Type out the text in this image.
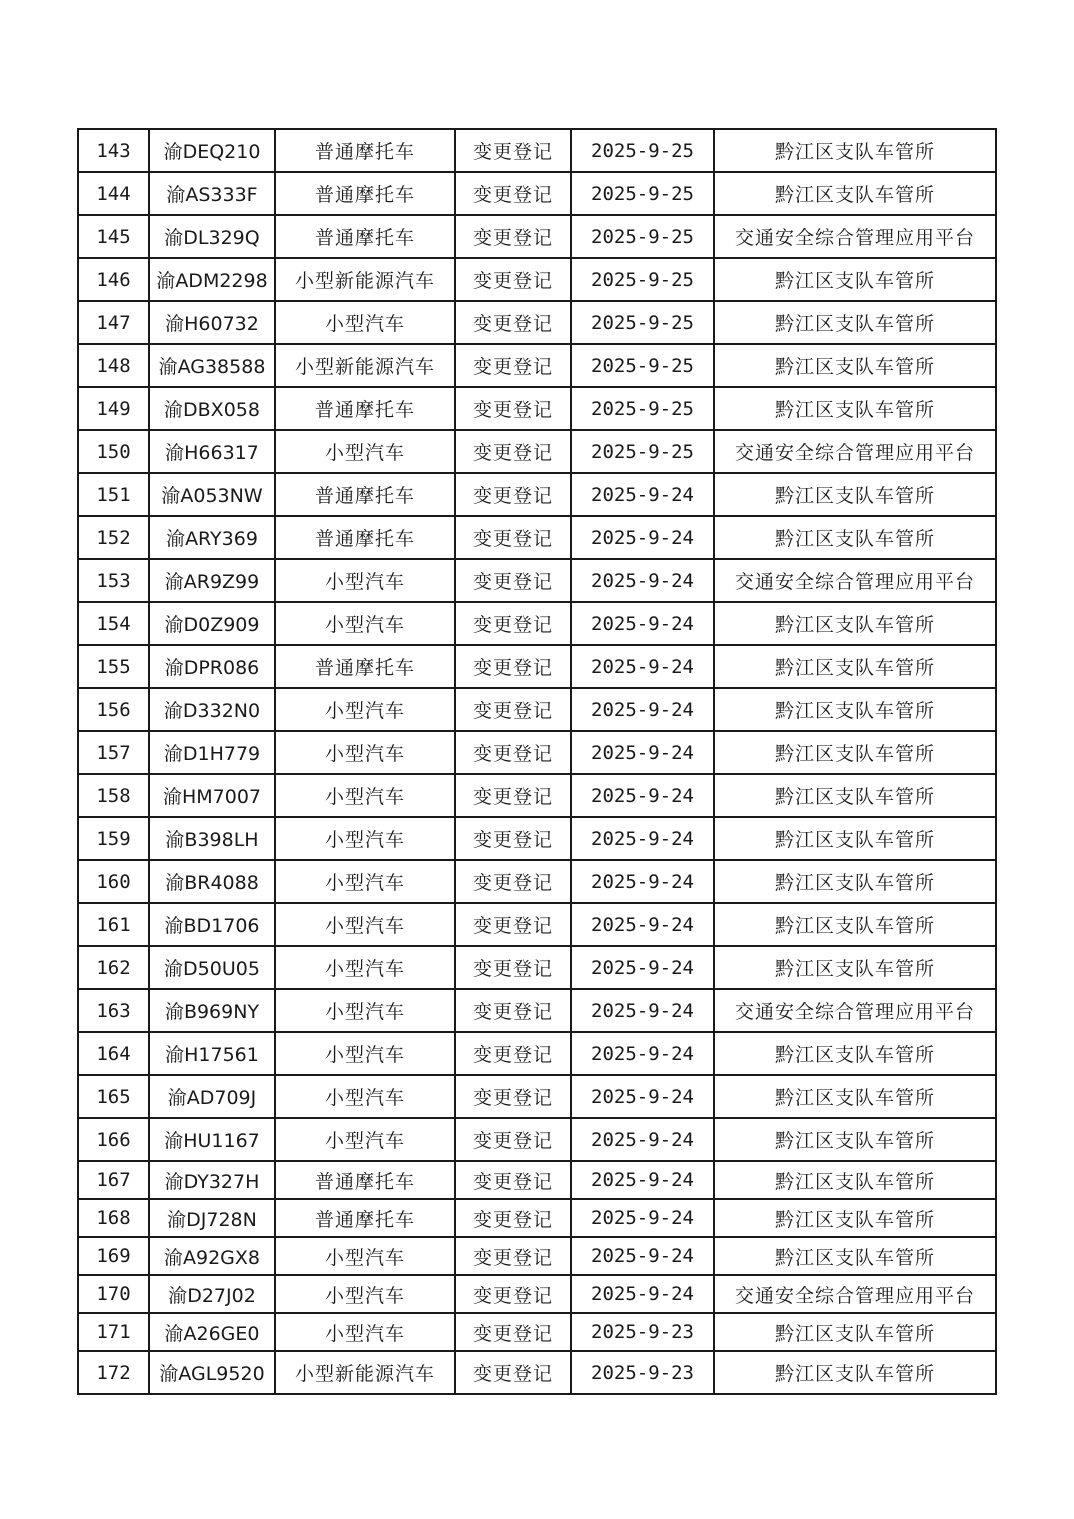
143	渝DEQ210	普通摩托车	变更登记	2025-9-25	黔江区支队车管所
144	渝AS333F	普通摩托车	变更登记	2025-9-25	黔江区支队车管所
145	渝DL329Q	普通摩托车	变更登记	2025-9-25	交通安全综合管理应用平台
146	渝ADM2298	小型新能源汽车	变更登记	2025-9-25	黔江区支队车管所
147	渝H60732	小型汽车	变更登记	2025-9-25	黔江区支队车管所
148	渝AG38588	小型新能源汽车	变更登记	2025-9-25	黔江区支队车管所
149	渝DBX058	普通摩托车	变更登记	2025-9-25	黔江区支队车管所
150	渝H66317	小型汽车	变更登记	2025-9-25	交通安全综合管理应用平台
151	渝A053NW	普通摩托车	变更登记	2025-9-24	黔江区支队车管所
152	渝ARY369	普通摩托车	变更登记	2025-9-24	黔江区支队车管所
153	渝AR9Z99	小型汽车	变更登记	2025-9-24	交通安全综合管理应用平台
154	渝D0Z909	小型汽车	变更登记	2025-9-24	黔江区支队车管所
155	渝DPR086	普通摩托车	变更登记	2025-9-24	黔江区支队车管所
156	渝D332N0	小型汽车	变更登记	2025-9-24	黔江区支队车管所
157	渝D1H779	小型汽车	变更登记	2025-9-24	黔江区支队车管所
158	渝HM7007	小型汽车	变更登记	2025-9-24	黔江区支队车管所
159	渝B398LH	小型汽车	变更登记	2025-9-24	黔江区支队车管所
160	渝BR4088	小型汽车	变更登记	2025-9-24	黔江区支队车管所
161	渝BD1706	小型汽车	变更登记	2025-9-24	黔江区支队车管所
162	渝D50U05	小型汽车	变更登记	2025-9-24	黔江区支队车管所
163	渝B969NY	小型汽车	变更登记	2025-9-24	交通安全综合管理应用平台
164	渝H17561	小型汽车	变更登记	2025-9-24	黔江区支队车管所
165	渝AD709J	小型汽车	变更登记	2025-9-24	黔江区支队车管所
166	渝HU1167	小型汽车	变更登记	2025-9-24	黔江区支队车管所
167	渝DY327H	普通摩托车	变更登记	2025-9-24	黔江区支队车管所
168	渝DJ728N	普通摩托车	变更登记	2025-9-24	黔江区支队车管所
169	渝A92GX8	小型汽车	变更登记	2025-9-24	黔江区支队车管所
170	渝D27J02	小型汽车	变更登记	2025-9-24	交通安全综合管理应用平台
171	渝A26GE0	小型汽车	变更登记	2025-9-23	黔江区支队车管所
172	渝AGL9520	小型新能源汽车	变更登记	2025-9-23	黔江区支队车管所
